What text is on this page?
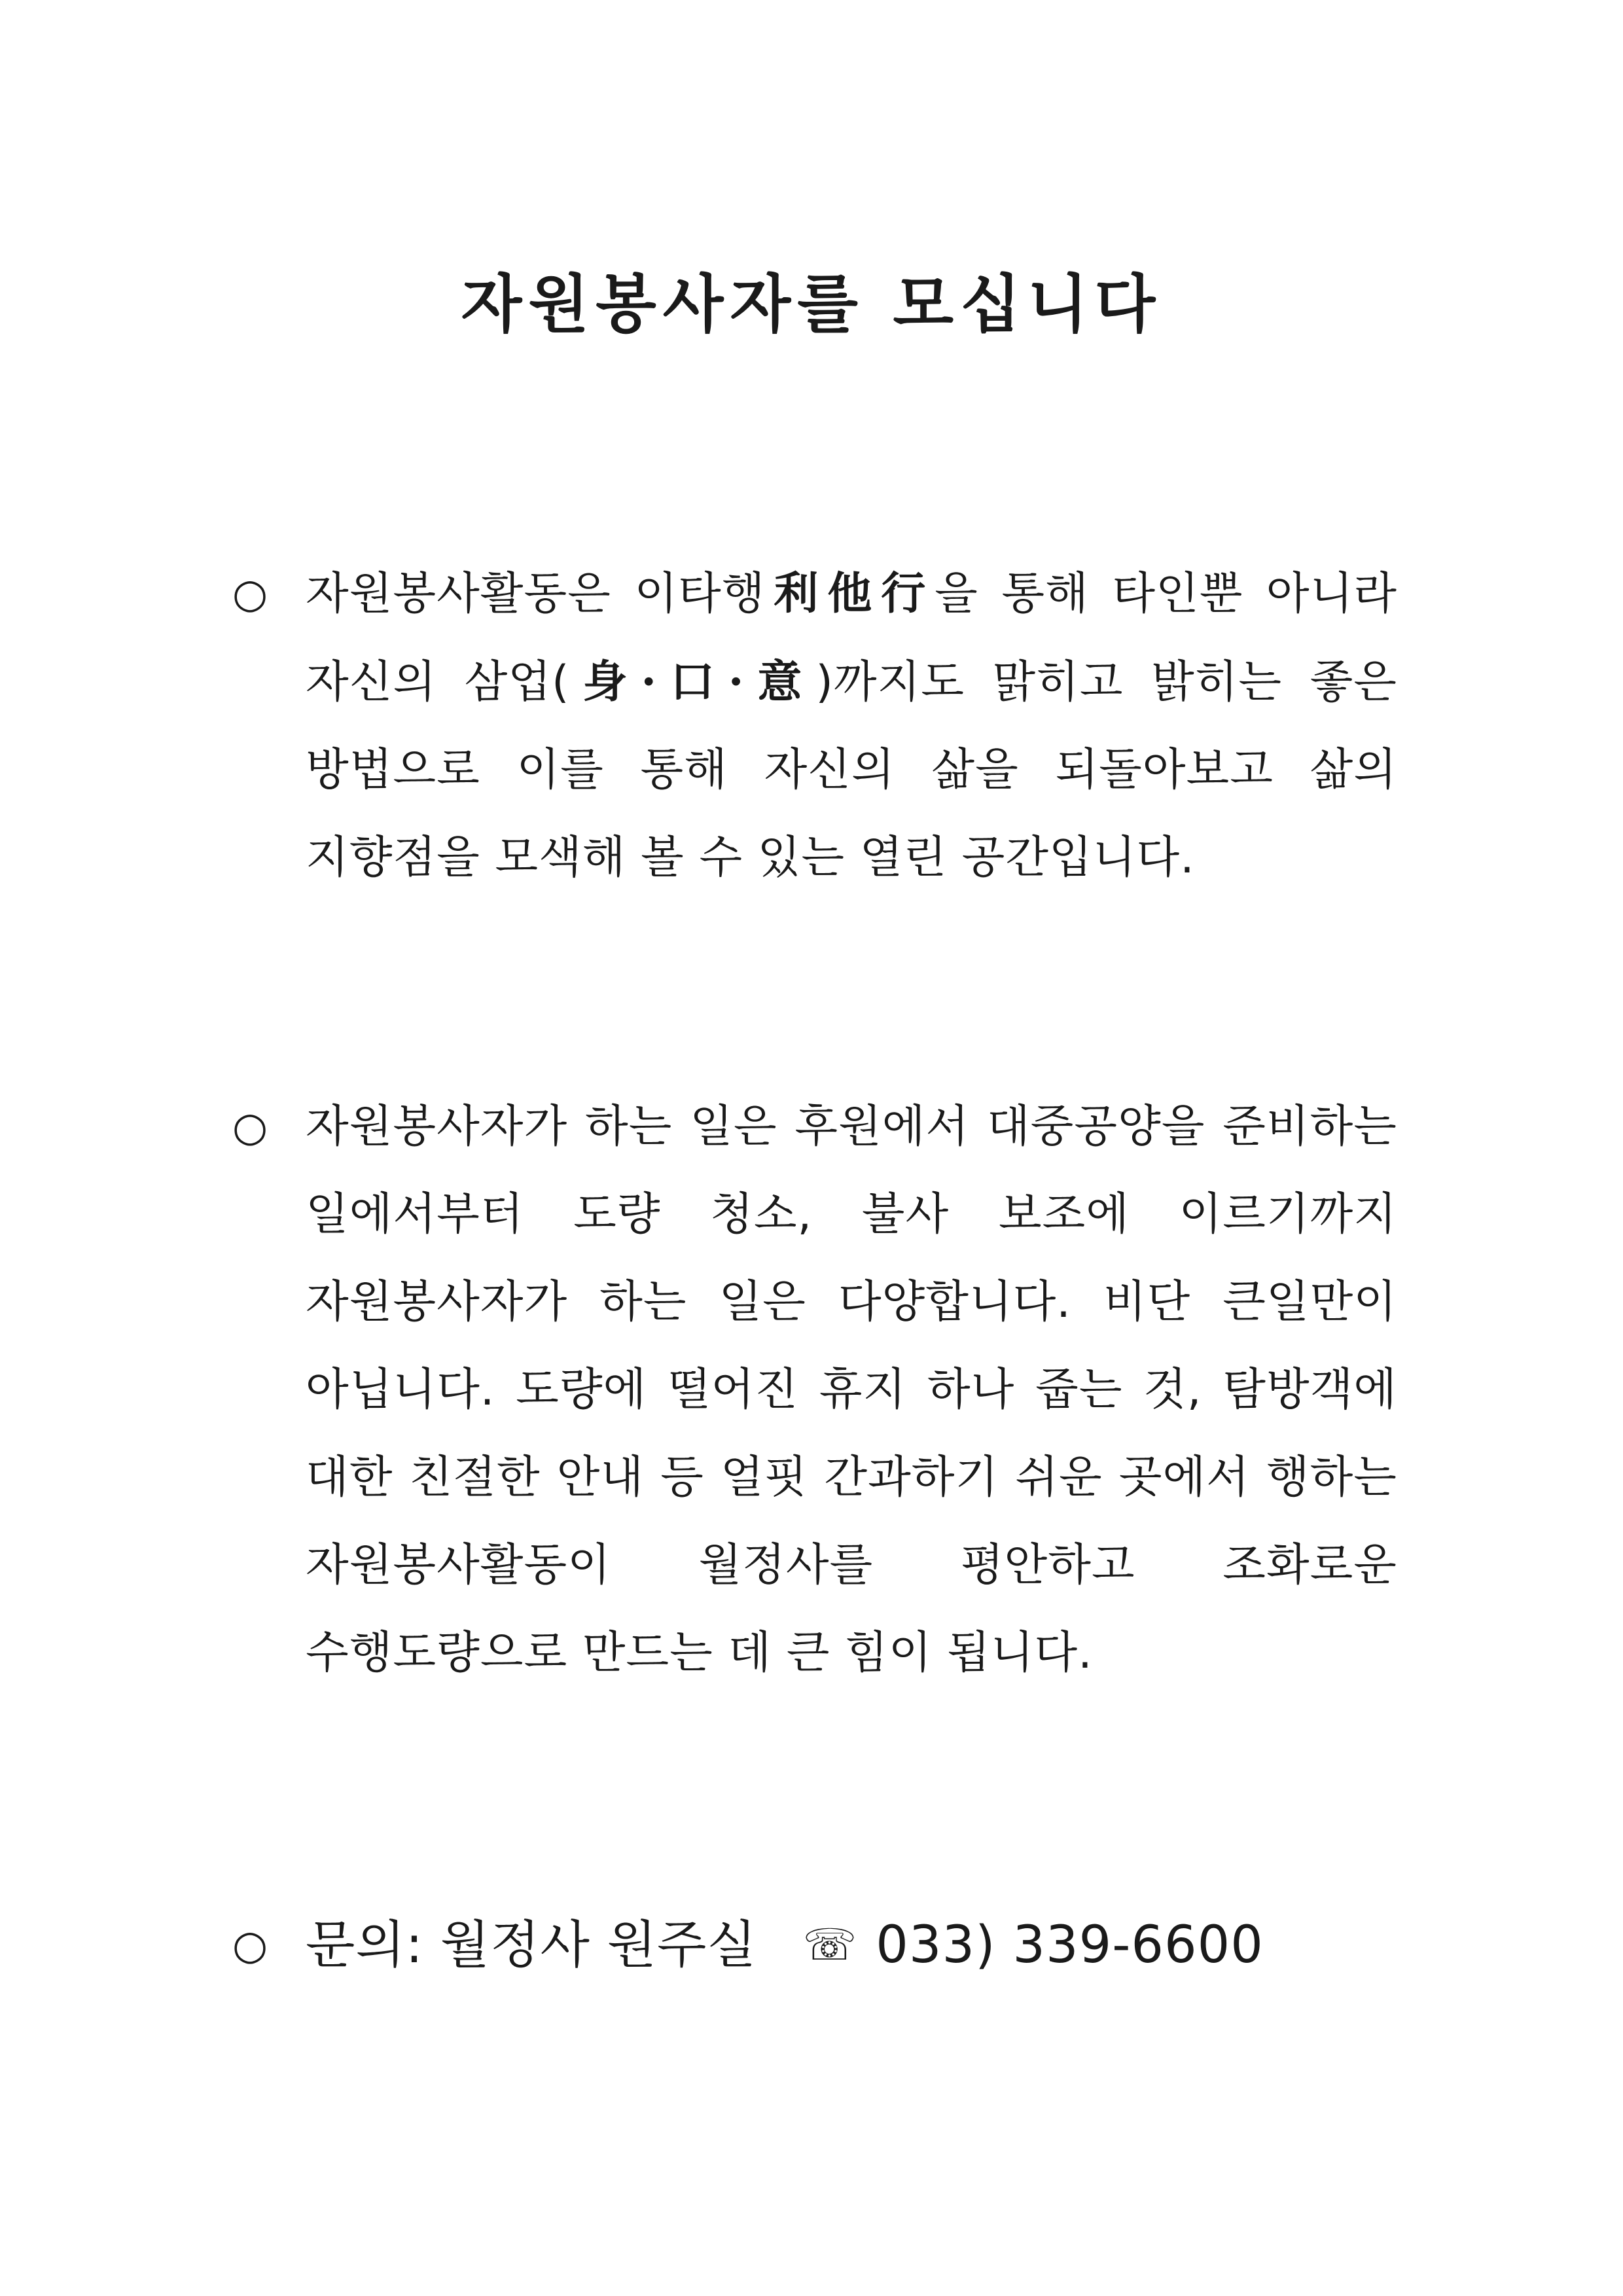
자원봉사자를 모십니다
○ 자원봉사활동은 이타행利他行을 통해 타인뿐 아니라 자신의 삼업(身·口·意)까지도 맑히고 밝히는 좋은 방법으로 이를 통해 자신의 삶을 되돌아보고 삶의 지향점을 모색해 볼 수 있는 열린 공간입니다.

○ 자원봉사자가 하는 일은 후원에서 대중공양을 준비하는 일에서부터 도량 청소, 불사 보조에 이르기까지 자원봉사자가 하는 일은 다양합니다. 비단 큰일만이 아닙니다. 도량에 떨어진 휴지 하나 줍는 것, 탐방객에 대한 친절한 안내 등 얼핏 간과하기 쉬운 곳에서 행하는 자원봉사활동이 월정사를 평안하고 조화로운 수행도량으로 만드는 데 큰 힘이 됩니다.

○ 문의: 월정사 원주실 ☏ 033) 339-6600
